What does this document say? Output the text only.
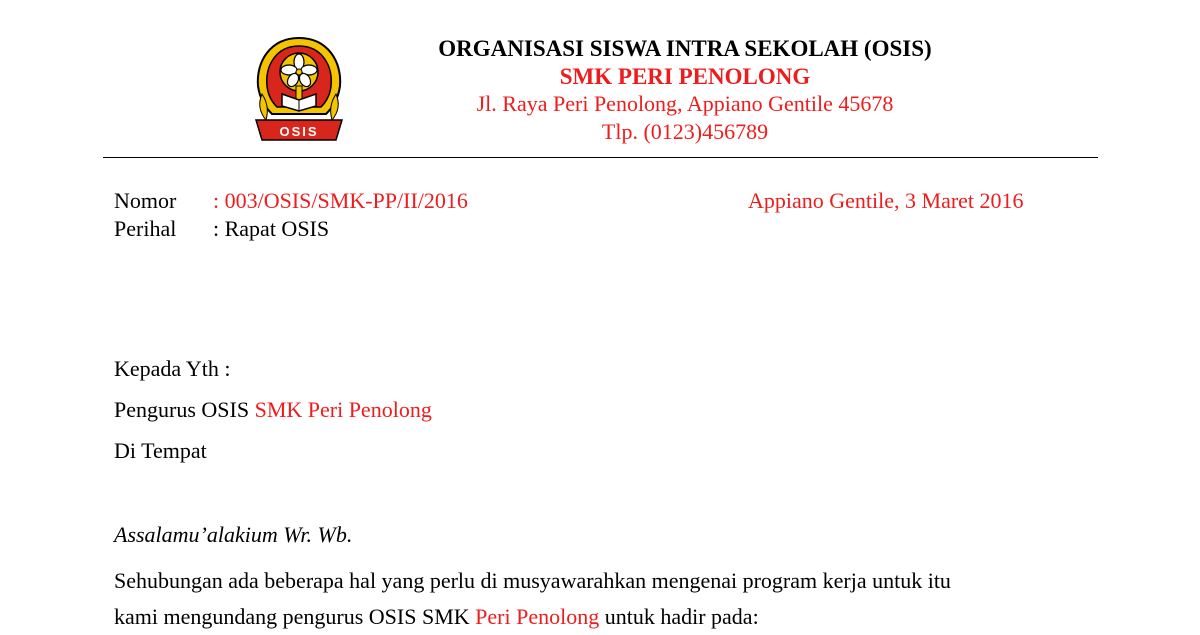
OSIS
ORGANISASI SISWA INTRA SEKOLAH (OSIS)
SMK PERI PENOLONG
Jl. Raya Peri Penolong, Appiano Gentile 45678
Tlp. (0123)456789
Nomor : 003/OSIS/SMK-PP/II/2016
Perihal : Rapat OSIS
Appiano Gentile, 3 Maret 2016
Kepada Yth :
Pengurus OSIS SMK Peri Penolong
Di Tempat
Assalamu’alakium Wr. Wb.
Sehubungan ada beberapa hal yang perlu di musyawarahkan mengenai program kerja untuk itu
kami mengundang pengurus OSIS SMK Peri Penolong untuk hadir pada:
